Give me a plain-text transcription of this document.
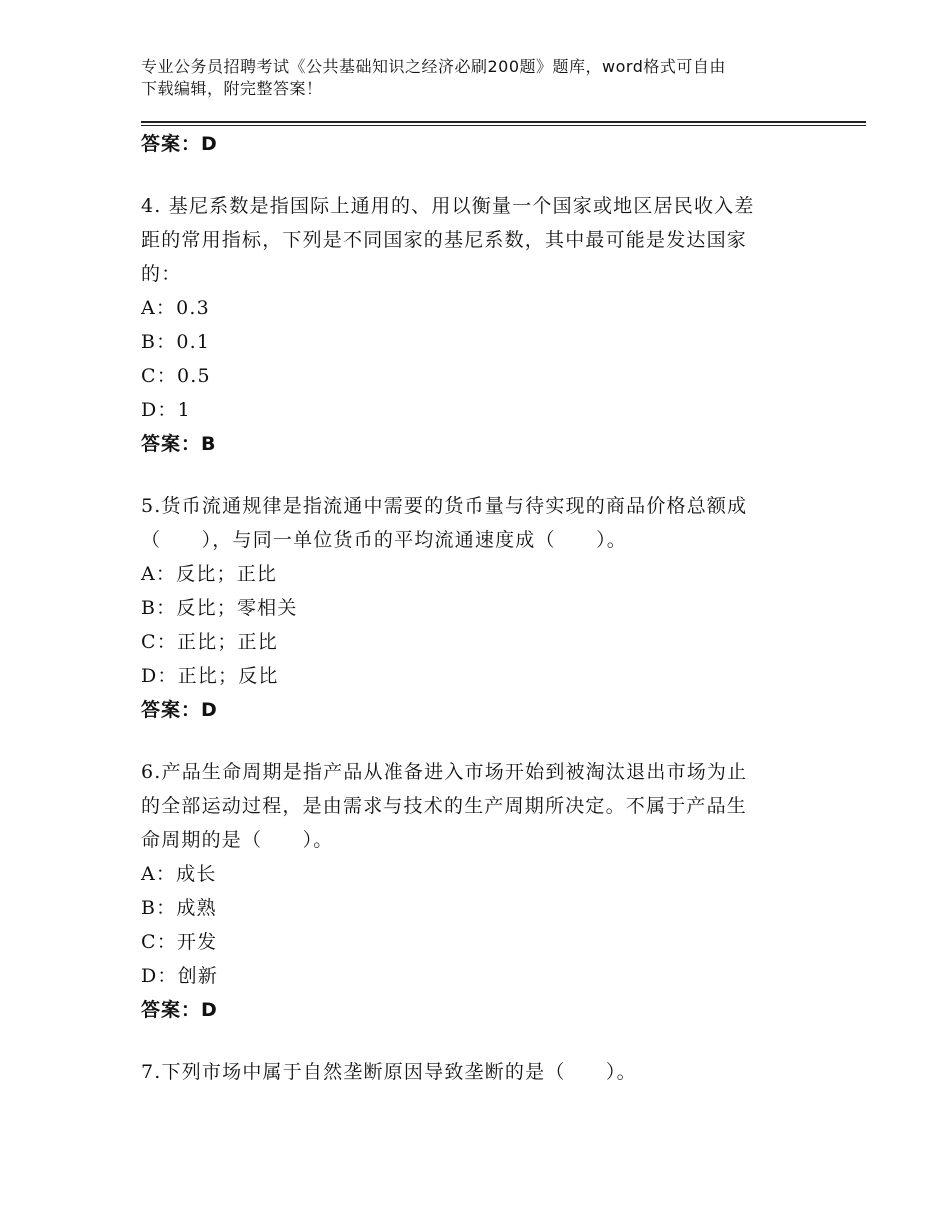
专业公务员招聘考试《公共基础知识之经济必刷200题》题库，word格式可自由
下载编辑，附完整答案！
答案：D
4. 基尼系数是指国际上通用的、用以衡量一个国家或地区居民收入差
距的常用指标，下列是不同国家的基尼系数，其中最可能是发达国家
的：
A：0.3
B：0.1
C：0.5
D：1
答案：B
5.货币流通规律是指流通中需要的货币量与待实现的商品价格总额成
（　　），与同一单位货币的平均流通速度成（　　）。
A：反比；正比
B：反比；零相关
C：正比；正比
D：正比；反比
答案：D
6.产品生命周期是指产品从准备进入市场开始到被淘汰退出市场为止
的全部运动过程，是由需求与技术的生产周期所决定。不属于产品生
命周期的是（　　）。
A：成长
B：成熟
C：开发
D：创新
答案：D
7.下列市场中属于自然垄断原因导致垄断的是（　　）。
